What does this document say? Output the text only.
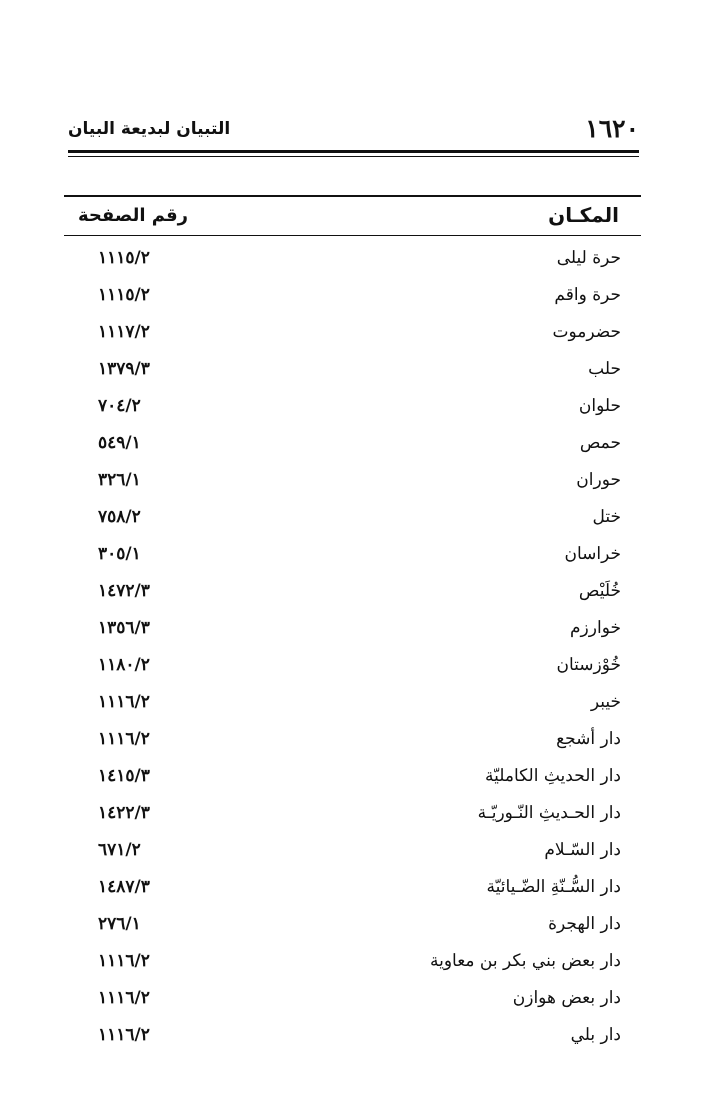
١٦٢٠
التبيان لبديعة البيان
المكـان
رقم الصفحة
حرة ليلى
١١١٥/٢
حرة واقم
١١١٥/٢
حضرموت
١١١٧/٢
حلب
١٣٧٩/٣
حلوان
٧٠٤/٢
حمص
٥٤٩/١
حوران
٣٢٦/١
ختل
٧٥٨/٢
خراسان
٣٠٥/١
خُلَيْص
١٤٧٢/٣
خوارزم
١٣٥٦/٣
خُوْزستان
١١٨٠/٢
خيبر
١١١٦/٢
دار أشجع
١١١٦/٢
دار الحديثِ الكامليّة
١٤١٥/٣
دار الحـديثِ النّـوريّـة
١٤٢٢/٣
دار السّـلام
٦٧١/٢
دار السُّـنّةِ الضّـيائيّة
١٤٨٧/٣
دار الهجرة
٢٧٦/١
دار بعض بني بكر بن معاوية
١١١٦/٢
دار بعض هوازن
١١١٦/٢
دار بلي
١١١٦/٢
